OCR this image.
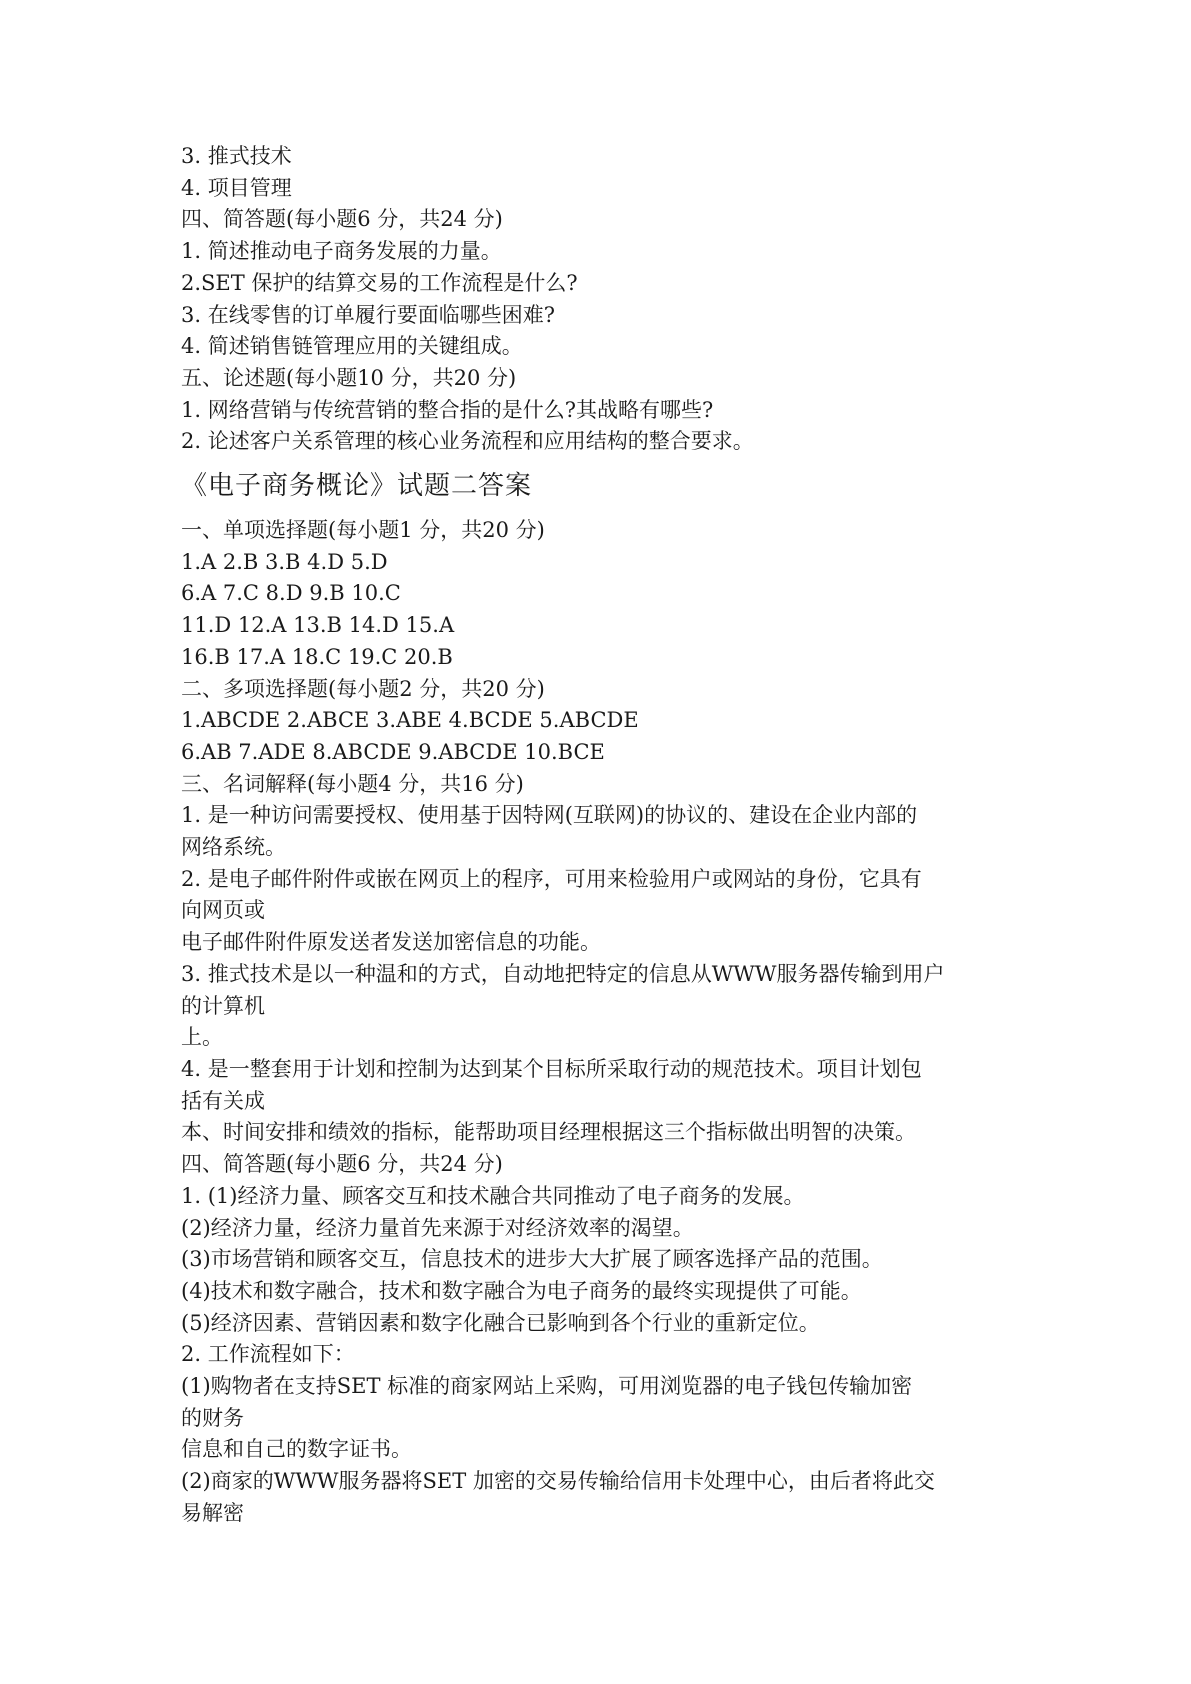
3. 推式技术
4. 项目管理
四、简答题(每小题6 分，共24 分)
1. 简述推动电子商务发展的力量。
2.SET 保护的结算交易的工作流程是什么?
3. 在线零售的订单履行要面临哪些困难?
4. 简述销售链管理应用的关键组成。
五、论述题(每小题10 分，共20 分)
1. 网络营销与传统营销的整合指的是什么?其战略有哪些?
2. 论述客户关系管理的核心业务流程和应用结构的整合要求。
《电子商务概论》试题二答案
一、单项选择题(每小题1 分，共20 分)
1.A 2.B 3.B 4.D 5.D
6.A 7.C 8.D 9.B 10.C
11.D 12.A 13.B 14.D 15.A
16.B 17.A 18.C 19.C 20.B
二、多项选择题(每小题2 分，共20 分)
1.ABCDE 2.ABCE 3.ABE 4.BCDE 5.ABCDE
6.AB 7.ADE 8.ABCDE 9.ABCDE 10.BCE
三、名词解释(每小题4 分，共16 分)
1. 是一种访问需要授权、使用基于因特网(互联网)的协议的、建设在企业内部的
网络系统。
2. 是电子邮件附件或嵌在网页上的程序，可用来检验用户或网站的身份，它具有
向网页或
电子邮件附件原发送者发送加密信息的功能。
3. 推式技术是以一种温和的方式，自动地把特定的信息从WWW服务器传输到用户
的计算机
上。
4. 是一整套用于计划和控制为达到某个目标所采取行动的规范技术。项目计划包
括有关成
本、时间安排和绩效的指标，能帮助项目经理根据这三个指标做出明智的决策。
四、简答题(每小题6 分，共24 分)
1. (1)经济力量、顾客交互和技术融合共同推动了电子商务的发展。
(2)经济力量，经济力量首先来源于对经济效率的渴望。
(3)市场营销和顾客交互，信息技术的进步大大扩展了顾客选择产品的范围。
(4)技术和数字融合，技术和数字融合为电子商务的最终实现提供了可能。
(5)经济因素、营销因素和数字化融合已影响到各个行业的重新定位。
2. 工作流程如下：
(1)购物者在支持SET 标准的商家网站上采购，可用浏览器的电子钱包传输加密
的财务
信息和自己的数字证书。
(2)商家的WWW服务器将SET 加密的交易传输给信用卡处理中心，由后者将此交
易解密
